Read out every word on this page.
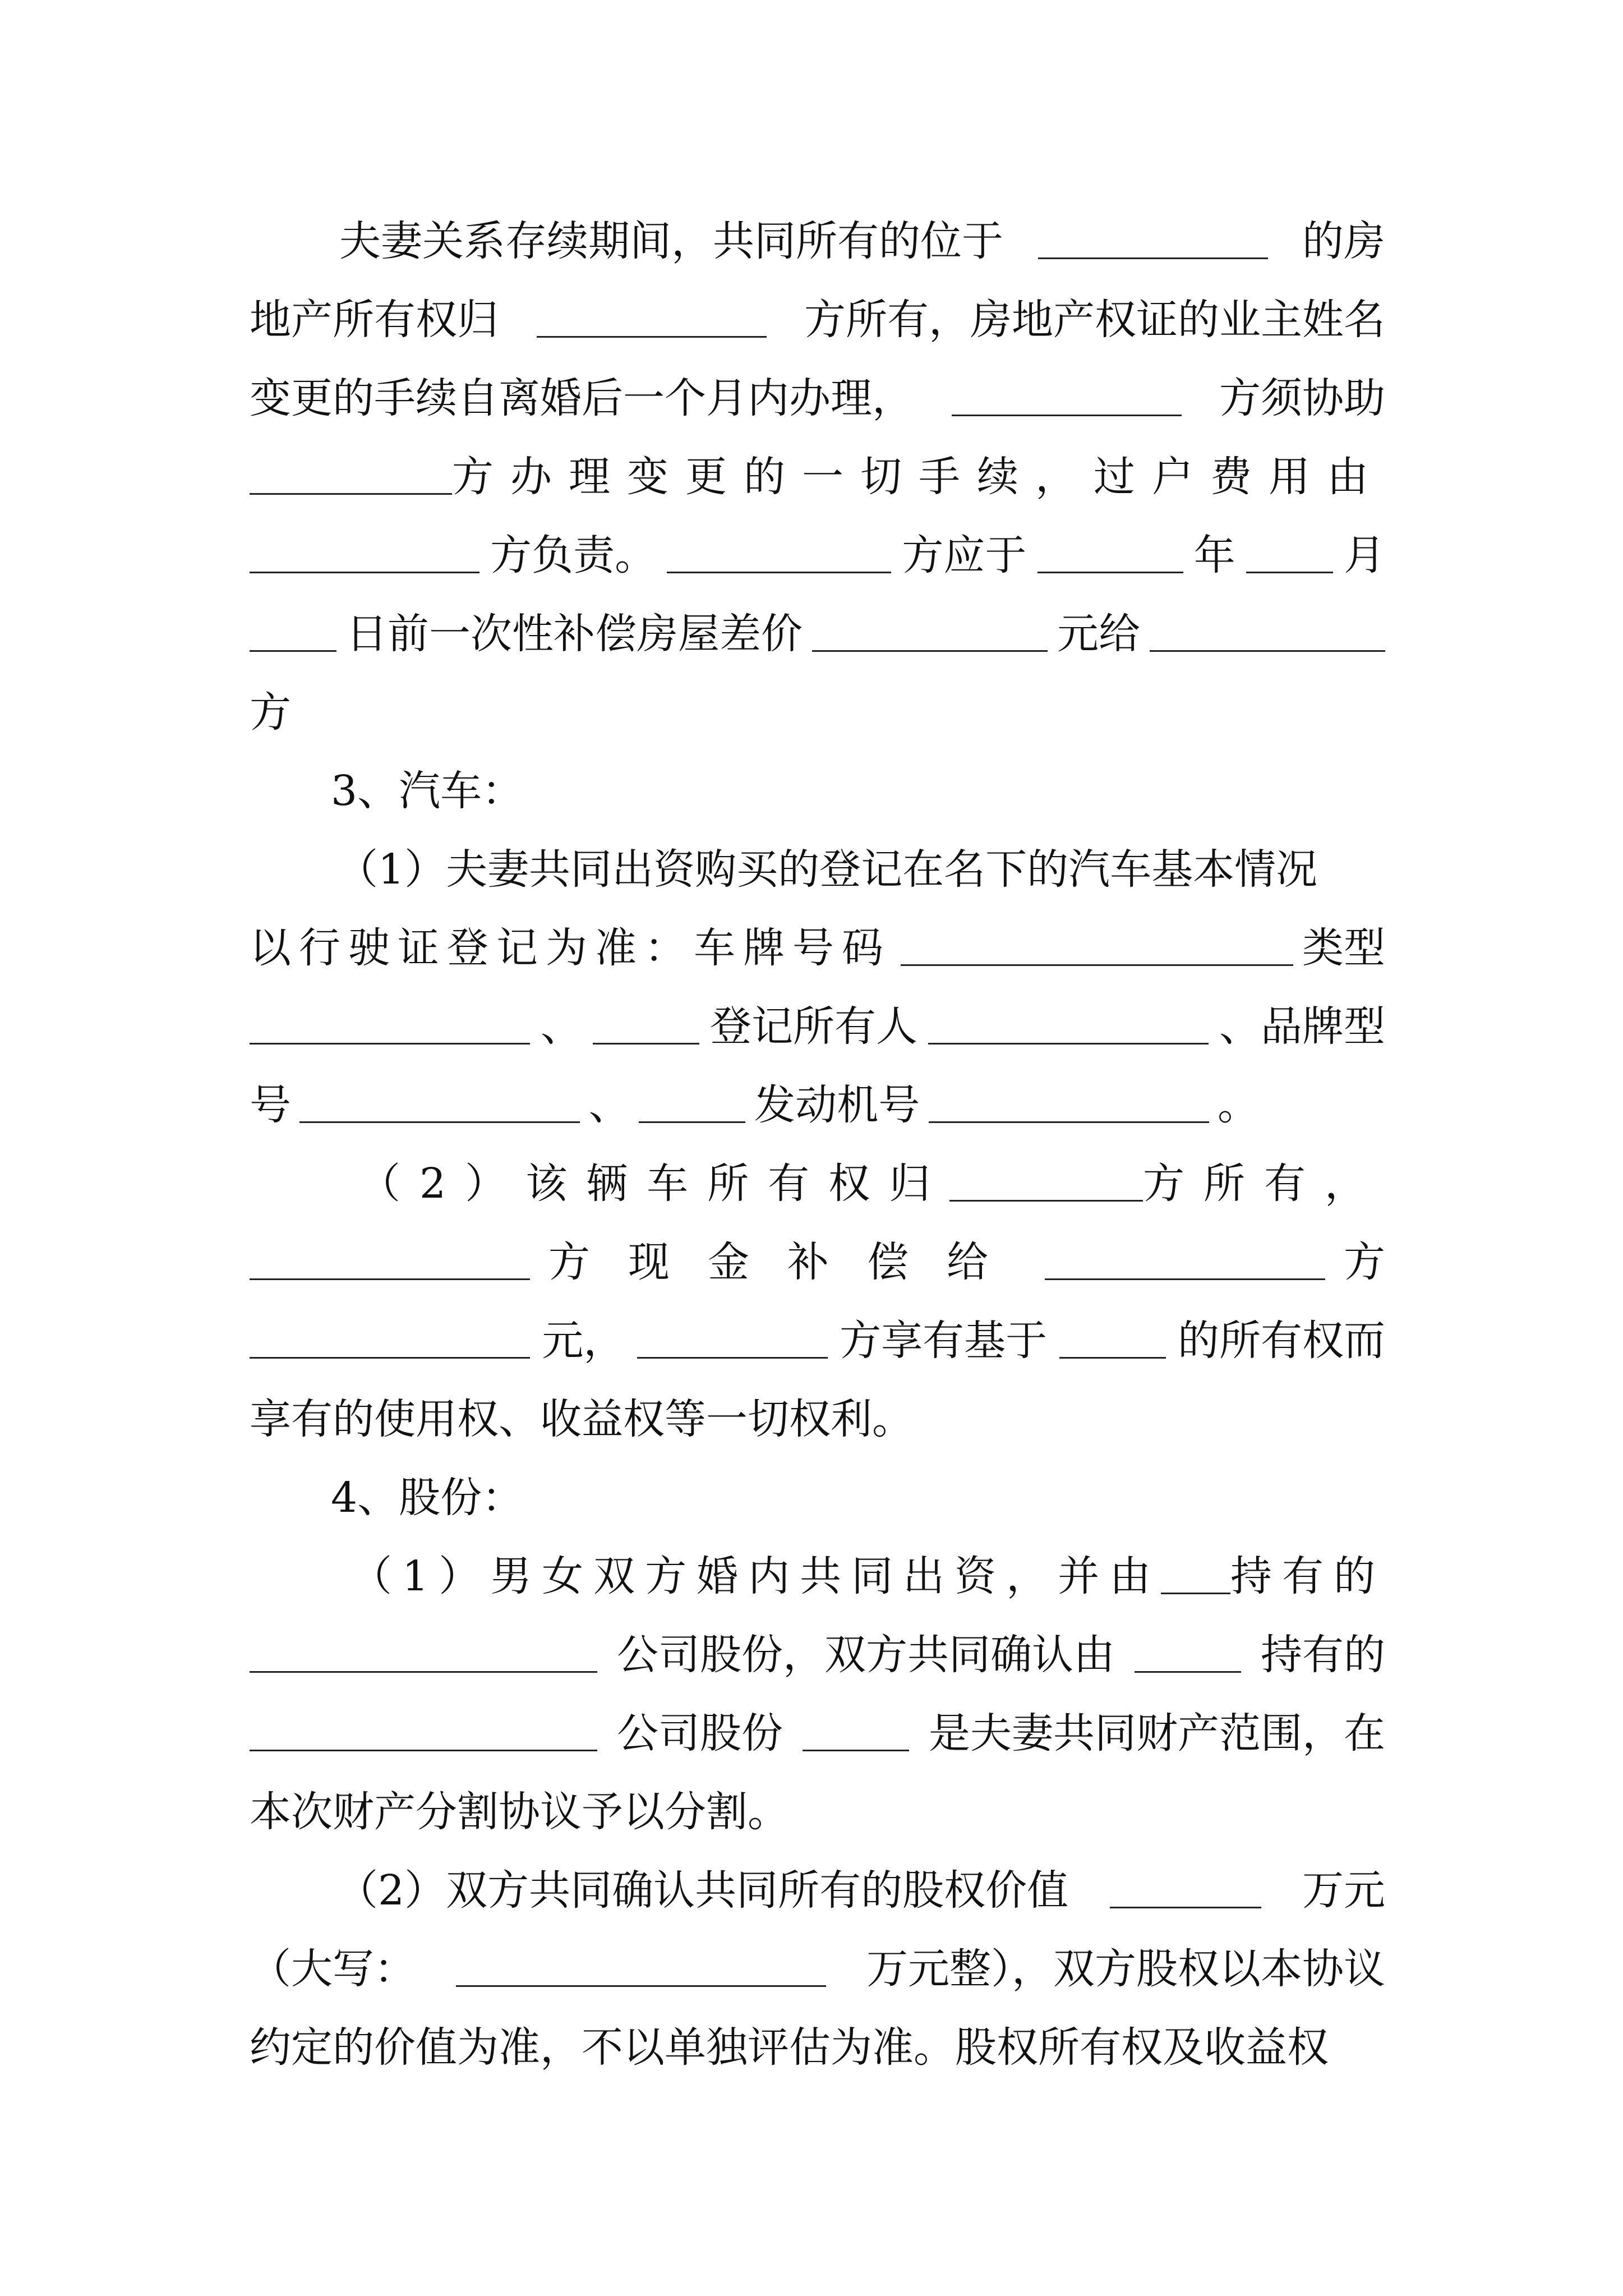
夫妻关系存续期间，共同所有的位于	的房
地产所有权归	方所有，房地产权证的业主姓名
变更的手续自离婚后一个月内办理，	方须协助
方办理变更的一切手续，过户费用由
方负责。	方应于	年	月
日前一次性补偿房屋差价	元给
方
3、汽车：
（1）夫妻共同出资购买的登记在名下的汽车基本情况
以行驶证登记为准：车牌号码	类型
、	登记所有人	、品牌型
号	、	发动机号	。
（2）该辆车所有权归	方所有，
方现金补偿给	方
元，	方享有基于	的所有权而
享有的使用权、收益权等一切权利。
4、股份：
（1）男女双方婚内共同出资，并由 持有的
公司股份，双方共同确认由	持有的
公司股份	是夫妻共同财产范围，在
本次财产分割协议予以分割。
（2）双方共同确认共同所有的股权价值	万元
（大写：	万元整），双方股权以本协议
约定的价值为准，不以单独评估为准。股权所有权及收益权
